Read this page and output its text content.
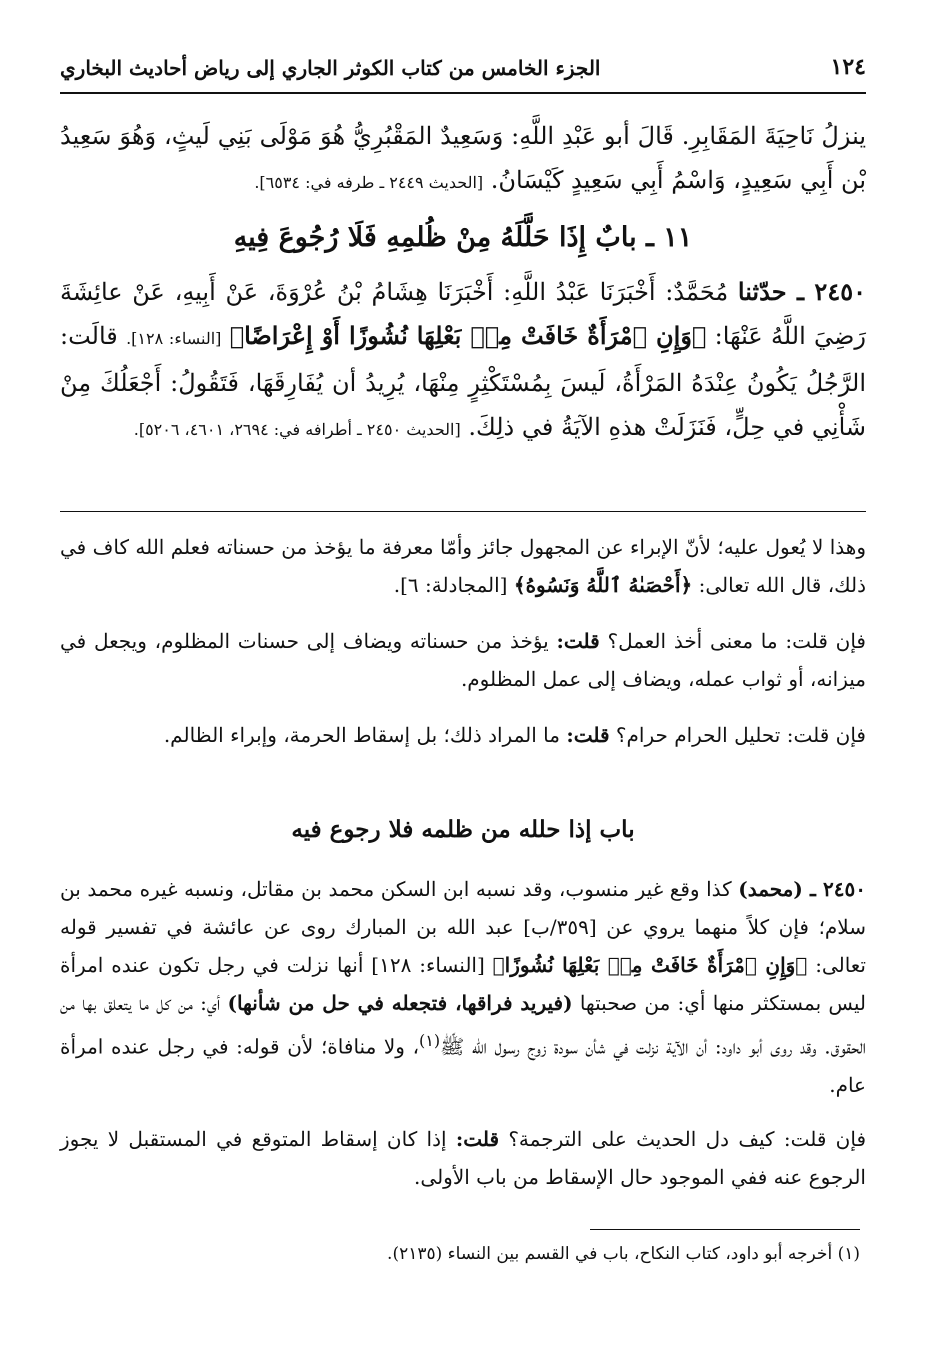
١٢٤
الجزء الخامس من كتاب الكوثر الجاري إلى رياض أحاديث البخاري
ينزلُ نَاحِيَةَ المَقَابِرِ. قَالَ أبو عَبْدِ اللَّهِ: وَسَعِيدٌ المَقْبُرِيُّ هُوَ مَوْلَى بَنِي لَيثٍ، وَهُوَ سَعِيدُ بْن أَبِي سَعِيدٍ، وَاسْمُ أَبِي سَعِيدٍ كَيْسَانُ. [الحديث ٢٤٤٩ ـ طرفه في: ٦٥٣٤].
١١ ـ بابٌ إِذَا حَلَّلَهُ مِنْ ظُلمِهِ فَلَا رُجُوعَ فِيهِ
٢٤٥٠ ـ حدّثنا مُحَمَّدٌ: أَخْبَرَنَا عَبْدُ اللَّهِ: أَخْبَرَنَا هِشَامُ بْنُ عُرْوَةَ، عَنْ أَبِيهِ، عَنْ عائِشَةَ رَضِيَ اللَّهُ عَنْهَا: ﴿وَإِنِ ٱمْرَأَةٌ خَافَتْ مِنۢ بَعْلِهَا نُشُوزًا أَوْ إِعْرَاضًا﴾ [النساء: ١٢٨]. قالَت: الرَّجُلُ يَكُونُ عِنْدَهُ المَرْأَةُ، لَيسَ بِمُسْتَكْثِرٍ مِنْهَا، يُرِيدُ أن يُفَارِقَهَا، فَتَقُولُ: أَجْعَلُكَ مِنْ شَأْنِي في حِلٍّ، فَنَزَلَتْ هذهِ الآيَةُ في ذلِكَ. [الحديث ٢٤٥٠ ـ أطرافه في: ٢٦٩٤، ٤٦٠١، ٥٢٠٦].
وهذا لا يُعول عليه؛ لأنّ الإبراء عن المجهول جائز وأمّا معرفة ما يؤخذ من حسناته فعلم الله كاف في ذلك، قال الله تعالى: ﴿أَحْصَىٰهُ ٱللَّهُ وَنَسُوهُ﴾ [المجادلة: ٦].
فإن قلت: ما معنى أخذ العمل؟ قلت: يؤخذ من حسناته ويضاف إلى حسنات المظلوم، ويجعل في ميزانه، أو ثواب عمله، ويضاف إلى عمل المظلوم.
فإن قلت: تحليل الحرام حرام؟ قلت: ما المراد ذلك؛ بل إسقاط الحرمة، وإبراء الظالم.
باب إذا حلله من ظلمه فلا رجوع فيه
٢٤٥٠ ـ (محمد) كذا وقع غير منسوب، وقد نسبه ابن السكن محمد بن مقاتل، ونسبه غيره محمد بن سلام؛ فإن كلاً منهما يروي عن [٣٥٩/ب] عبد الله بن المبارك روى عن عائشة في تفسير قوله تعالى: ﴿وَإِنِ ٱمْرَأَةٌ خَافَتْ مِنۢ بَعْلِهَا نُشُوزًا﴾ [النساء: ١٢٨] أنها نزلت في رجل تكون عنده امرأة ليس بمستكثر منها أي: من صحبتها (فيريد فراقها، فتجعله في حل من شأنها) أي: من كل ما يتعلق بها من الحقوق. وقد روى أبو داود: أن الآية نزلت في شأن سودة زوج رسول الله ﷺ$^{(١)}$، ولا منافاة؛ لأن قوله: في رجل عنده امرأة عام.
فإن قلت: كيف دل الحديث على الترجمة؟ قلت: إذا كان إسقاط المتوقع في المستقبل لا يجوز الرجوع عنه ففي الموجود حال الإسقاط من باب الأولى.
(١) أخرجه أبو داود، كتاب النكاح، باب في القسم بين النساء (٢١٣٥).
